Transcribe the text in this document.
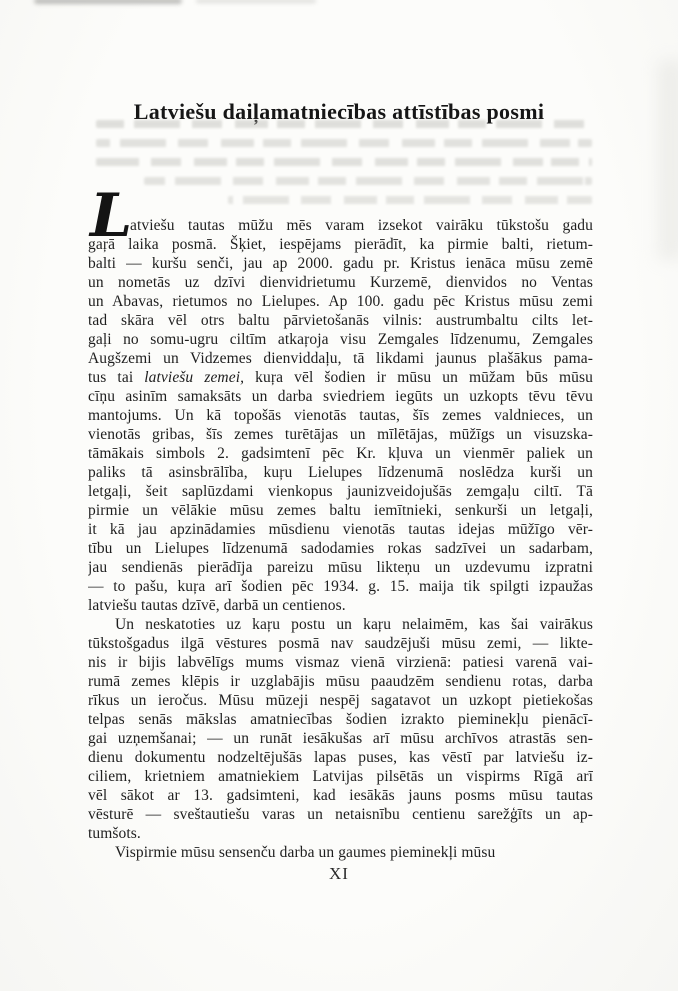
Latviešu daiļamatniecības attīstības posmi
L
atviešu tautas mūžu mēs varam izsekot vairāku tūkstošu gadu
gaŗā laika posmā. Šķiet, iespējams pierādīt, ka pirmie balti, rietum-
balti — kuršu senči, jau ap 2000. gadu pr. Kristus ienāca mūsu zemē
un nometās uz dzīvi dienvidrietumu Kurzemē, dienvidos no Ventas
un Abavas, rietumos no Lielupes. Ap 100. gadu pēc Kristus mūsu zemi
tad skāra vēl otrs baltu pārvietošanās vilnis: austrumbaltu cilts let-
gaļi no somu-ugru ciltīm atkaŗoja visu Zemgales līdzenumu, Zemgales
Augšzemi un Vidzemes dienviddaļu, tā likdami jaunus plašākus pama-
tus tai latviešu zemei, kuŗa vēl šodien ir mūsu un mūžam būs mūsu
cīņu asinīm samaksāts un darba sviedriem iegūts un uzkopts tēvu tēvu
mantojums. Un kā topošās vienotās tautas, šīs zemes valdnieces, un
vienotās gribas, šīs zemes turētājas un mīlētājas, mūžīgs un visuzska-
tāmākais simbols 2. gadsimtenī pēc Kr. kļuva un vienmēr paliek un
paliks tā asinsbrālība, kuŗu Lielupes līdzenumā noslēdza kurši un
letgaļi, šeit saplūzdami vienkopus jaunizveidojušās zemgaļu ciltī. Tā
pirmie un vēlākie mūsu zemes baltu iemītnieki, senkurši un letgaļi,
it kā jau apzinādamies mūsdienu vienotās tautas idejas mūžīgo vēr-
tību un Lielupes līdzenumā sadodamies rokas sadzīvei un sadarbam,
jau sendienās pierādīja pareizu mūsu likteņu un uzdevumu izpratni
— to pašu, kuŗa arī šodien pēc 1934. g. 15. maija tik spilgti izpaužas
latviešu tautas dzīvē, darbā un centienos.
Un neskatoties uz kaŗu postu un kaŗu nelaimēm, kas šai vairākus
tūkstošgadus ilgā vēstures posmā nav saudzējuši mūsu zemi, — likte-
nis ir bijis labvēlīgs mums vismaz vienā virzienā: patiesi varenā vai-
rumā zemes klēpis ir uzglabājis mūsu paaudzēm sendienu rotas, darba
rīkus un ieročus. Mūsu mūzeji nespēj sagatavot un uzkopt pietiekošas
telpas senās mākslas amatniecības šodien izrakto pieminekļu pienācī-
gai uzņemšanai; — un runāt iesākušas arī mūsu archīvos atrastās sen-
dienu dokumentu nodzeltējušās lapas puses, kas vēstī par latviešu iz-
ciliem, krietniem amatniekiem Latvijas pilsētās un vispirms Rīgā arī
vēl sākot ar 13. gadsimteni, kad iesākās jauns posms mūsu tautas
vēsturē — sveštautiešu varas un netaisnību centienu sarežģīts un ap-
tumšots.
Vispirmie mūsu sensenču darba un gaumes pieminekļi mūsu
XI
